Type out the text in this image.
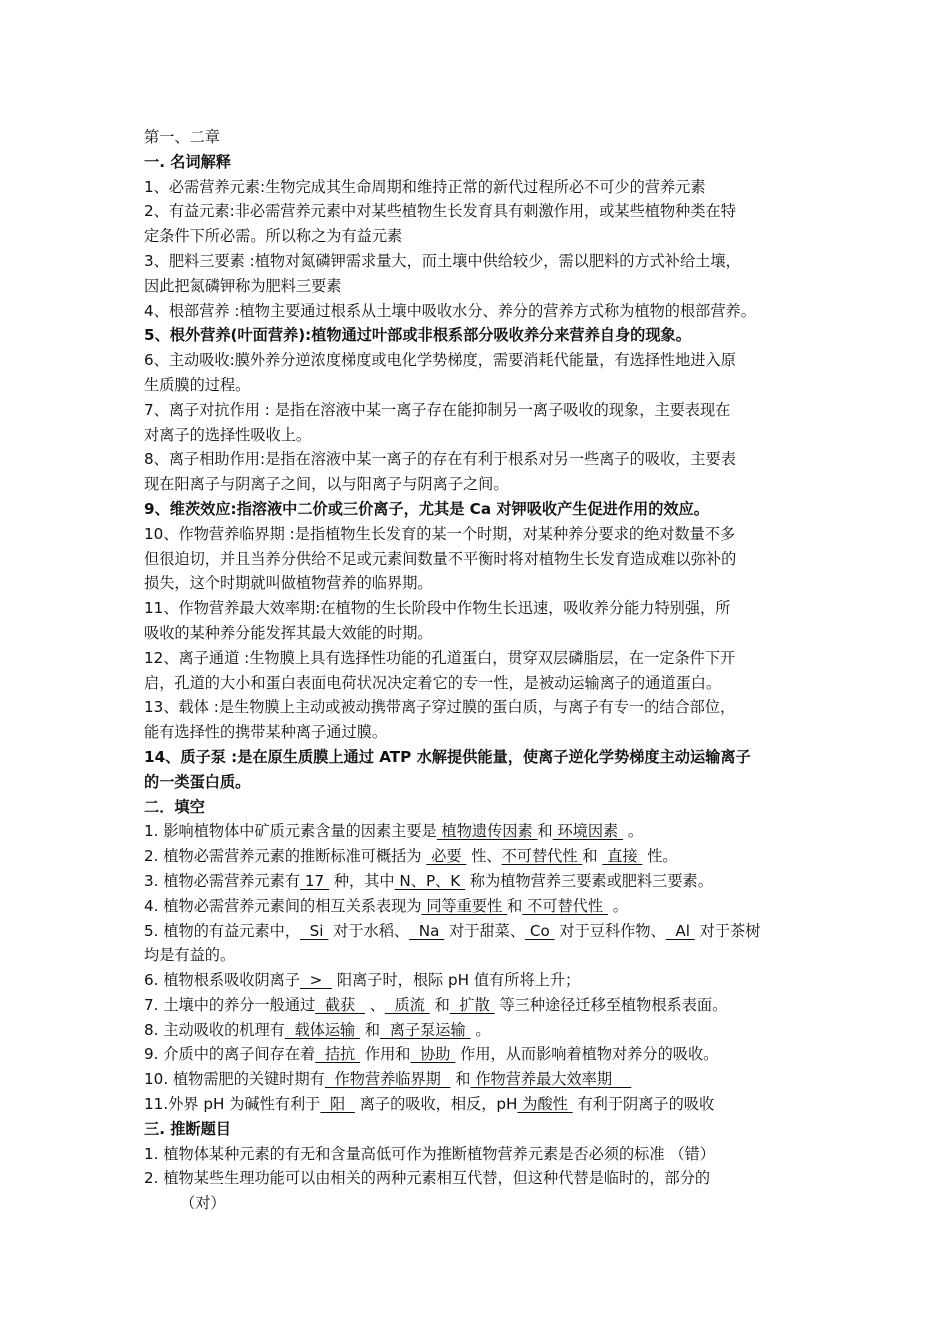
第一、二章

一. 名词解释

1、必需营养元素:生物完成其生命周期和维持正常的新代过程所必不可少的营养元素

2、有益元素:非必需营养元素中对某些植物生长发育具有刺激作用，或某些植物种类在特

定条件下所必需。所以称之为有益元素

3、肥料三要素 :植物对氮磷钾需求量大，而土壤中供给较少，需以肥料的方式补给土壤，

因此把氮磷钾称为肥料三要素

4、根部营养 :植物主要通过根系从土壤中吸收水分、养分的营养方式称为植物的根部营养。

5、根外营养(叶面营养):植物通过叶部或非根系部分吸收养分来营养自身的现象。

6、主动吸收:膜外养分逆浓度梯度或电化学势梯度，需要消耗代能量，有选择性地进入原

生质膜的过程。

7、离子对抗作用 : 是指在溶液中某一离子存在能抑制另一离子吸收的现象，主要表现在

对离子的选择性吸收上。

8、离子相助作用:是指在溶液中某一离子的存在有利于根系对另一些离子的吸收，主要表

现在阳离子与阴离子之间，以与阳离子与阴离子之间。

9、维茨效应:指溶液中二价或三价离子，尤其是 Ca 对钾吸收产生促进作用的效应。

10、作物营养临界期 :是指植物生长发育的某一个时期，对某种养分要求的绝对数量不多

但很迫切，并且当养分供给不足或元素间数量不平衡时将对植物生长发育造成难以弥补的

损失，这个时期就叫做植物营养的临界期。

11、作物营养最大效率期:在植物的生长阶段中作物生长迅速，吸收养分能力特别强，所

吸收的某种养分能发挥其最大效能的时期。

12、离子通道 :生物膜上具有选择性功能的孔道蛋白，贯穿双层磷脂层，在一定条件下开

启，孔道的大小和蛋白表面电荷状况决定着它的专一性，是被动运输离子的通道蛋白。

13、载体 :是生物膜上主动或被动携带离子穿过膜的蛋白质，与离子有专一的结合部位，

能有选择性的携带某种离子通过膜。

14、质子泵 :是在原生质膜上通过 ATP 水解提供能量，使离子逆化学势梯度主动运输离子

的一类蛋白质。

二．填空

1. 影响植物体中矿质元素含量的因素主要是 植物遗传因素 和 环境因素  。

2. 植物必需营养元素的推断标准可概括为  必要  性、不可替代性 和  直接  性。

3. 植物必需营养元素有 17  种，其中 N、P、K  称为植物营养三要素或肥料三要素。

4. 植物必需营养元素间的相互关系表现为 同等重要性 和 不可替代性  。

5. 植物的有益元素中，  Si  对于水稻、  Na  对于甜菜、 Co  对于豆科作物、  Al  对于茶树

均是有益的。

6. 植物根系吸收阴离子  >   阳离子时，根际 pH 值有所将上升；

7. 土壤中的养分一般通过  截获   、  质流  和  扩散  等三种途径迁移至植物根系表面。

8. 主动吸收的机理有  载体运输  和  离子泵运输  。

9. 介质中的离子间存在着  拮抗  作用和  协助  作用，从而影响着植物对养分的吸收。

10. 植物需肥的关键时期有  作物营养临界期   和 作物营养最大效率期

11.外界 pH 为碱性有利于  阳   离子的吸收，相反，pH 为酸性  有利于阴离子的吸收

三. 推断题目

1. 植物体某种元素的有无和含量高低可作为推断植物营养元素是否必须的标准 （错）

2. 植物某些生理功能可以由相关的两种元素相互代替，但这种代替是临时的，部分的

（对）
